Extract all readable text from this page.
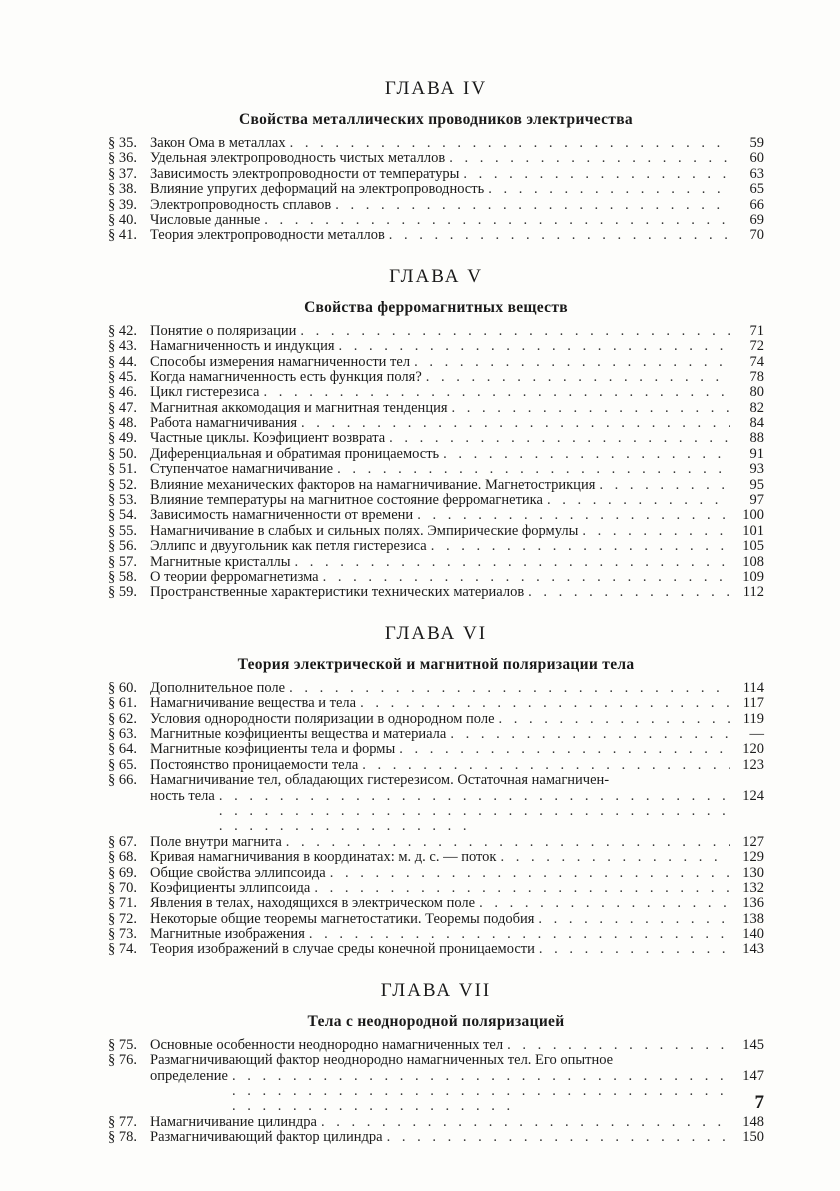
ГЛАВА IV
Свойства металлических проводников электричества
§ 35. Закон Ома в металлах . . .	59
§ 36. Удельная электропроводность чистых металлов . . .	60
§ 37. Зависимость электропроводности от температуры . . .	63
§ 38. Влияние упругих деформаций на электропроводность . . .	65
§ 39. Электропроводность сплавов . . .	66
§ 40. Числовые данные . . .	69
§ 41. Теория электропроводности металлов . . .	70
ГЛАВА V
Свойства ферромагнитных веществ
§ 42. Понятие о поляризации . . .	71
§ 43. Намагниченность и индукция . . .	72
§ 44. Способы измерения намагниченности тел . . .	74
§ 45. Когда намагниченность есть функция поля? . . .	78
§ 46. Цикл гистерезиса . . .	80
§ 47. Магнитная аккомодация и магнитная тенденция . . .	82
§ 48. Работа намагничивания . . .	84
§ 49. Частные циклы. Коэфициент возврата . . .	88
§ 50. Диференциальная и обратимая проницаемость . . .	91
§ 51. Ступенчатое намагничивание . . .	93
§ 52. Влияние механических факторов на намагничивание. Магнетострикция . . .	95
§ 53. Влияние температуры на магнитное состояние ферромагнетика . . .	97
§ 54. Зависимость намагниченности от времени . . .	100
§ 55. Намагничивание в слабых и сильных полях. Эмпирические формулы . . .	101
§ 56. Эллипс и двуугольник как петля гистерезиса . . .	105
§ 57. Магнитные кристаллы . . .	108
§ 58. О теории ферромагнетизма . . .	109
§ 59. Пространственные характеристики технических материалов . . .	112
ГЛАВА VI
Теория электрической и магнитной поляризации тела
§ 60. Дополнительное поле . . .	114
§ 61. Намагничивание вещества и тела . . .	117
§ 62. Условия однородности поляризации в однородном поле . . .	119
§ 63. Магнитные коэфициенты вещества и материала . . .	—
§ 64. Магнитные коэфициенты тела и формы . . .	120
§ 65. Постоянство проницаемости тела . . .	123
§ 66. Намагничивание тел, обладающих гистерезисом. Остаточная намагничен-
ность тела . . .	124
§ 67. Поле внутри магнита . . .	127
§ 68. Кривая намагничивания в координатах: м. д. с. — поток . . .	129
§ 69. Общие свойства эллипсоида . . .	130
§ 70. Коэфициенты эллипсоида . . .	132
§ 71. Явления в телах, находящихся в электрическом поле . . .	136
§ 72. Некоторые общие теоремы магнетостатики. Теоремы подобия . . .	138
§ 73. Магнитные изображения . . .	140
§ 74. Теория изображений в случае среды конечной проницаемости . . .	143
ГЛАВА VII
Тела с неоднородной поляризацией
§ 75. Основные особенности неоднородно намагниченных тел . . .	145
§ 76. Размагничивающий фактор неоднородно намагниченных тел. Его опытное
определение . . .	147
§ 77. Намагничивание цилиндра . . .	148
§ 78. Размагничивающий фактор цилиндра . . .	150
7
